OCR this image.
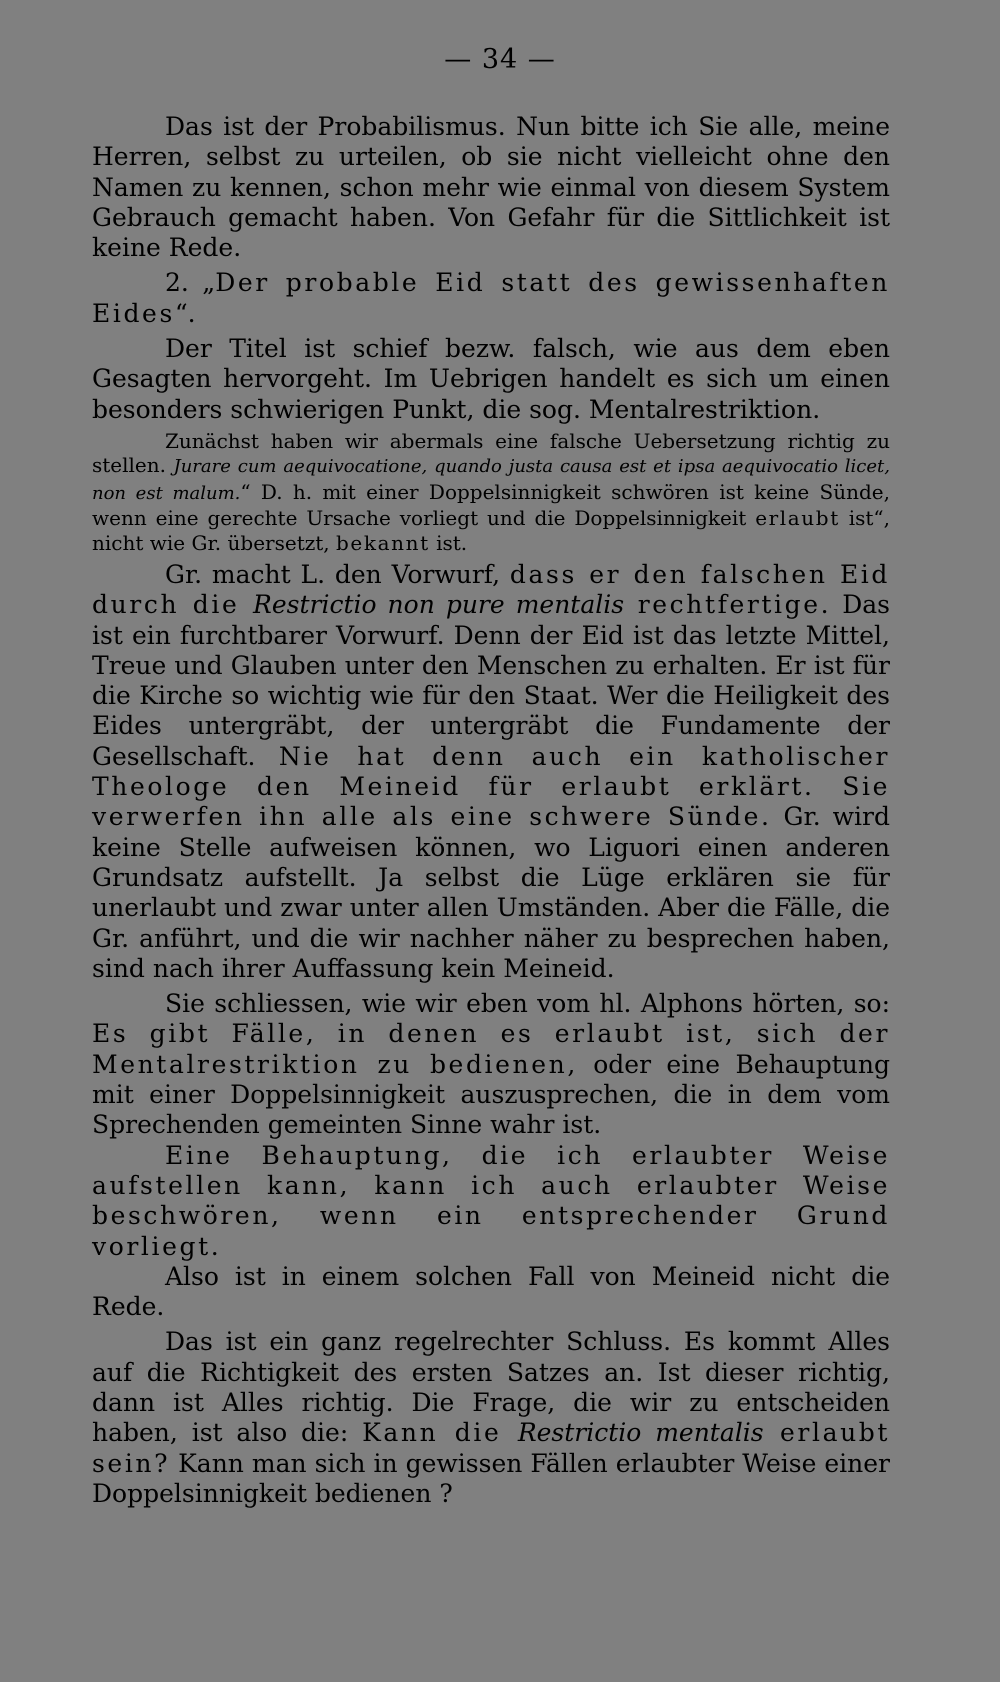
— 34 —

Das ist der Probabilismus. Nun bitte ich Sie alle, meine Herren, selbst zu urteilen, ob sie nicht vielleicht ohne den Namen zu kennen, schon mehr wie einmal von diesem System Gebrauch gemacht haben. Von Gefahr für die Sittlichkeit ist keine Rede.

2. „Der probable Eid statt des gewissenhaften Eides“.

Der Titel ist schief bezw. falsch, wie aus dem eben Gesagten hervorgeht. Im Uebrigen handelt es sich um einen besonders schwierigen Punkt, die sog. Mentalrestriktion.

Zunächst haben wir abermals eine falsche Uebersetzung richtig zu stellen. Jurare cum aequivocatione, quando justa causa est et ipsa aequivocatio licet, non est malum.“ D. h. mit einer Doppelsinnigkeit schwören ist keine Sünde, wenn eine gerechte Ursache vorliegt und die Doppelsinnigkeit erlaubt ist“, nicht wie Gr. übersetzt, bekannt ist.

Gr. macht L. den Vorwurf, dass er den falschen Eid durch die Restrictio non pure mentalis rechtfertige. Das ist ein furchtbarer Vorwurf. Denn der Eid ist das letzte Mittel, Treue und Glauben unter den Menschen zu erhalten. Er ist für die Kirche so wichtig wie für den Staat. Wer die Heiligkeit des Eides untergräbt, der untergräbt die Fundamente der Gesellschaft. Nie hat denn auch ein katholischer Theologe den Meineid für erlaubt erklärt. Sie verwerfen ihn alle als eine schwere Sünde. Gr. wird keine Stelle aufweisen können, wo Liguori einen anderen Grundsatz aufstellt. Ja selbst die Lüge erklären sie für unerlaubt und zwar unter allen Umständen. Aber die Fälle, die Gr. anführt, und die wir nachher näher zu besprechen haben, sind nach ihrer Auffassung kein Meineid.

Sie schliessen, wie wir eben vom hl. Alphons hörten, so: Es gibt Fälle, in denen es erlaubt ist, sich der Mentalrestriktion zu bedienen, oder eine Behauptung mit einer Doppelsinnigkeit auszusprechen, die in dem vom Sprechenden gemeinten Sinne wahr ist.

Eine Behauptung, die ich erlaubter Weise aufstellen kann, kann ich auch erlaubter Weise beschwören, wenn ein entsprechender Grund vorliegt.

Also ist in einem solchen Fall von Meineid nicht die Rede.

Das ist ein ganz regelrechter Schluss. Es kommt Alles auf die Richtigkeit des ersten Satzes an. Ist dieser richtig, dann ist Alles richtig. Die Frage, die wir zu entscheiden haben, ist also die: Kann die Restrictio mentalis erlaubt sein? Kann man sich in gewissen Fällen erlaubter Weise einer Doppelsinnigkeit bedienen ?
